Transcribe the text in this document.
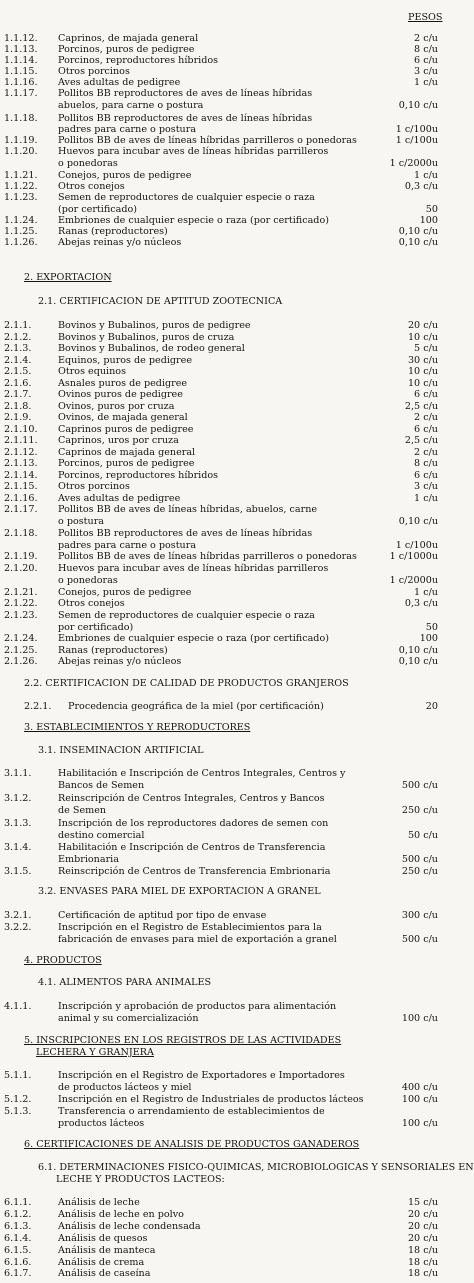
PESOS
1.1.12. Caprinos, de majada general	2 c/u
1.1.13. Porcinos, puros de pedigree	8 c/u
1.1.14. Porcinos, reproductores híbridos	6 c/u
1.1.15. Otros porcinos	3 c/u
1.1.16. Aves adultas de pedigree	1 c/u
1.1.17. Pollitos BB reproductores de aves de líneas híbridas
abuelos, para carne o postura	0,10 c/u
1.1.18. Pollitos BB reproductores de aves de líneas híbridas
padres para carne o postura	1 c/100u
1.1.19. Pollitos BB de aves de líneas híbridas parrilleros o ponedoras	1 c/100u
1.1.20. Huevos para incubar aves de líneas híbridas parrilleros
o ponedoras	1 c/2000u
1.1.21. Conejos, puros de pedigree	1 c/u
1.1.22. Otros conejos	0,3 c/u
1.1.23. Semen de reproductores de cualquier especie o raza
(por certificado)	50
1.1.24. Embriones de cualquier especie o raza (por certificado)	100
1.1.25. Ranas (reproductores)	0,10 c/u
1.1.26. Abejas reinas y/o núcleos	0,10 c/u
2. EXPORTACION
2.1. CERTIFICACION DE APTITUD ZOOTECNICA
2.1.1.	Bovinos y Bubalinos, puros de pedigree	20 c/u
2.1.2.	Bovinos y Bubalinos, puros de cruza	10 c/u
2.1.3.	Bovinos y Bubalinos, de rodeo general	5 c/u
2.1.4.	Equinos, puros de pedigree	30 c/u
2.1.5.	Otros equinos	10 c/u
2.1.6.	Asnales puros de pedigree	10 c/u
2.1.7.	Ovinos puros de pedigree	6 c/u
2.1.8.	Ovinos, puros por cruza	2,5 c/u
2.1.9.	Ovinos, de majada general	2 c/u
2.1.10. Caprinos puros de pedigree	6 c/u
2.1.11. Caprinos, uros por cruza	2,5 c/u
2.1.12. Caprinos de majada general	2 c/u
2.1.13. Porcinos, puros de pedigree	8 c/u
2.1.14. Porcinos, reproductores híbridos	6 c/u
2.1.15. Otros porcinos	3 c/u
2.1.16. Aves adultas de pedigree	1 c/u
2.1.17. Pollitos BB de aves de líneas híbridas, abuelos, carne
o postura	0,10 c/u
2.1.18. Pollitos BB reproductores de aves de líneas híbridas
padres para carne o postura	1 c/100u
2.1.19. Pollitos BB de aves de líneas híbridas parrilleros o ponedoras	1 c/1000u
2.1.20. Huevos para incubar aves de líneas híbridas parrilleros
o ponedoras	1 c/2000u
2.1.21. Conejos, puros de pedigree	1 c/u
2.1.22. Otros conejos	0,3 c/u
2.1.23. Semen de reproductores de cualquier especie o raza
por certificado)	50
2.1.24. Embriones de cualquier especie o raza (por certificado)	100
2.1.25. Ranas (reproductores)	0,10 c/u
2.1.26. Abejas reinas y/o núcleos	0,10 c/u
2.2. CERTIFICACION DE CALIDAD DE PRODUCTOS GRANJEROS
2.2.1. Procedencia geográfica de la miel (por certificación)	20
3. ESTABLECIMIENTOS Y REPRODUCTORES
3.1. INSEMINACION ARTIFICIAL
3.1.1.	Habilitación e Inscripción de Centros Integrales, Centros y
Bancos de Semen	500 c/u
3.1.2.	Reinscripción de Centros Integrales, Centros y Bancos
de Semen	250 c/u
3.1.3.	Inscripción de los reproductores dadores de semen con
destino comercial	50 c/u
3.1.4.	Habilitación e Inscripción de Centros de Transferencia
Embrionaria	500 c/u
3.1.5.	Reinscripción de Centros de Transferencia Embrionaria	250 c/u
3.2. ENVASES PARA MIEL DE EXPORTACION A GRANEL
3.2.1.	Certificación de aptitud por tipo de envase	300 c/u
3.2.2.	Inscripción en el Registro de Establecimientos para la
fabricación de envases para miel de exportación a granel	500 c/u
4. PRODUCTOS
4.1. ALIMENTOS PARA ANIMALES
4.1.1.	Inscripción y aprobación de productos para alimentación
animal y su comercialización	100 c/u
5. INSCRIPCIONES EN LOS REGISTROS DE LAS ACTIVIDADES
LECHERA Y GRANJERA
5.1.1.	Inscripción en el Registro de Exportadores e Importadores
de productos lácteos y miel	400 c/u
5.1.2.	Inscripción en el Registro de Industriales de productos lácteos	100 c/u
5.1.3.	Transferencia o arrendamiento de establecimientos de
productos lácteos	100 c/u
6. CERTIFICACIONES DE ANALISIS DE PRODUCTOS GANADEROS
6.1. DETERMINACIONES FISICO-QUIMICAS, MICROBIOLOGICAS Y SENSORIALES EN
LECHE Y PRODUCTOS LACTEOS:
6.1.1.	Análisis de leche	15 c/u
6.1.2.	Análisis de leche en polvo	20 c/u
6.1.3.	Análisis de leche condensada	20 c/u
6.1.4.	Análisis de quesos	20 c/u
6.1.5.	Análisis de manteca	18 c/u
6.1.6.	Análisis de crema	18 c/u
6.1.7.	Análisis de caseína	18 c/u
